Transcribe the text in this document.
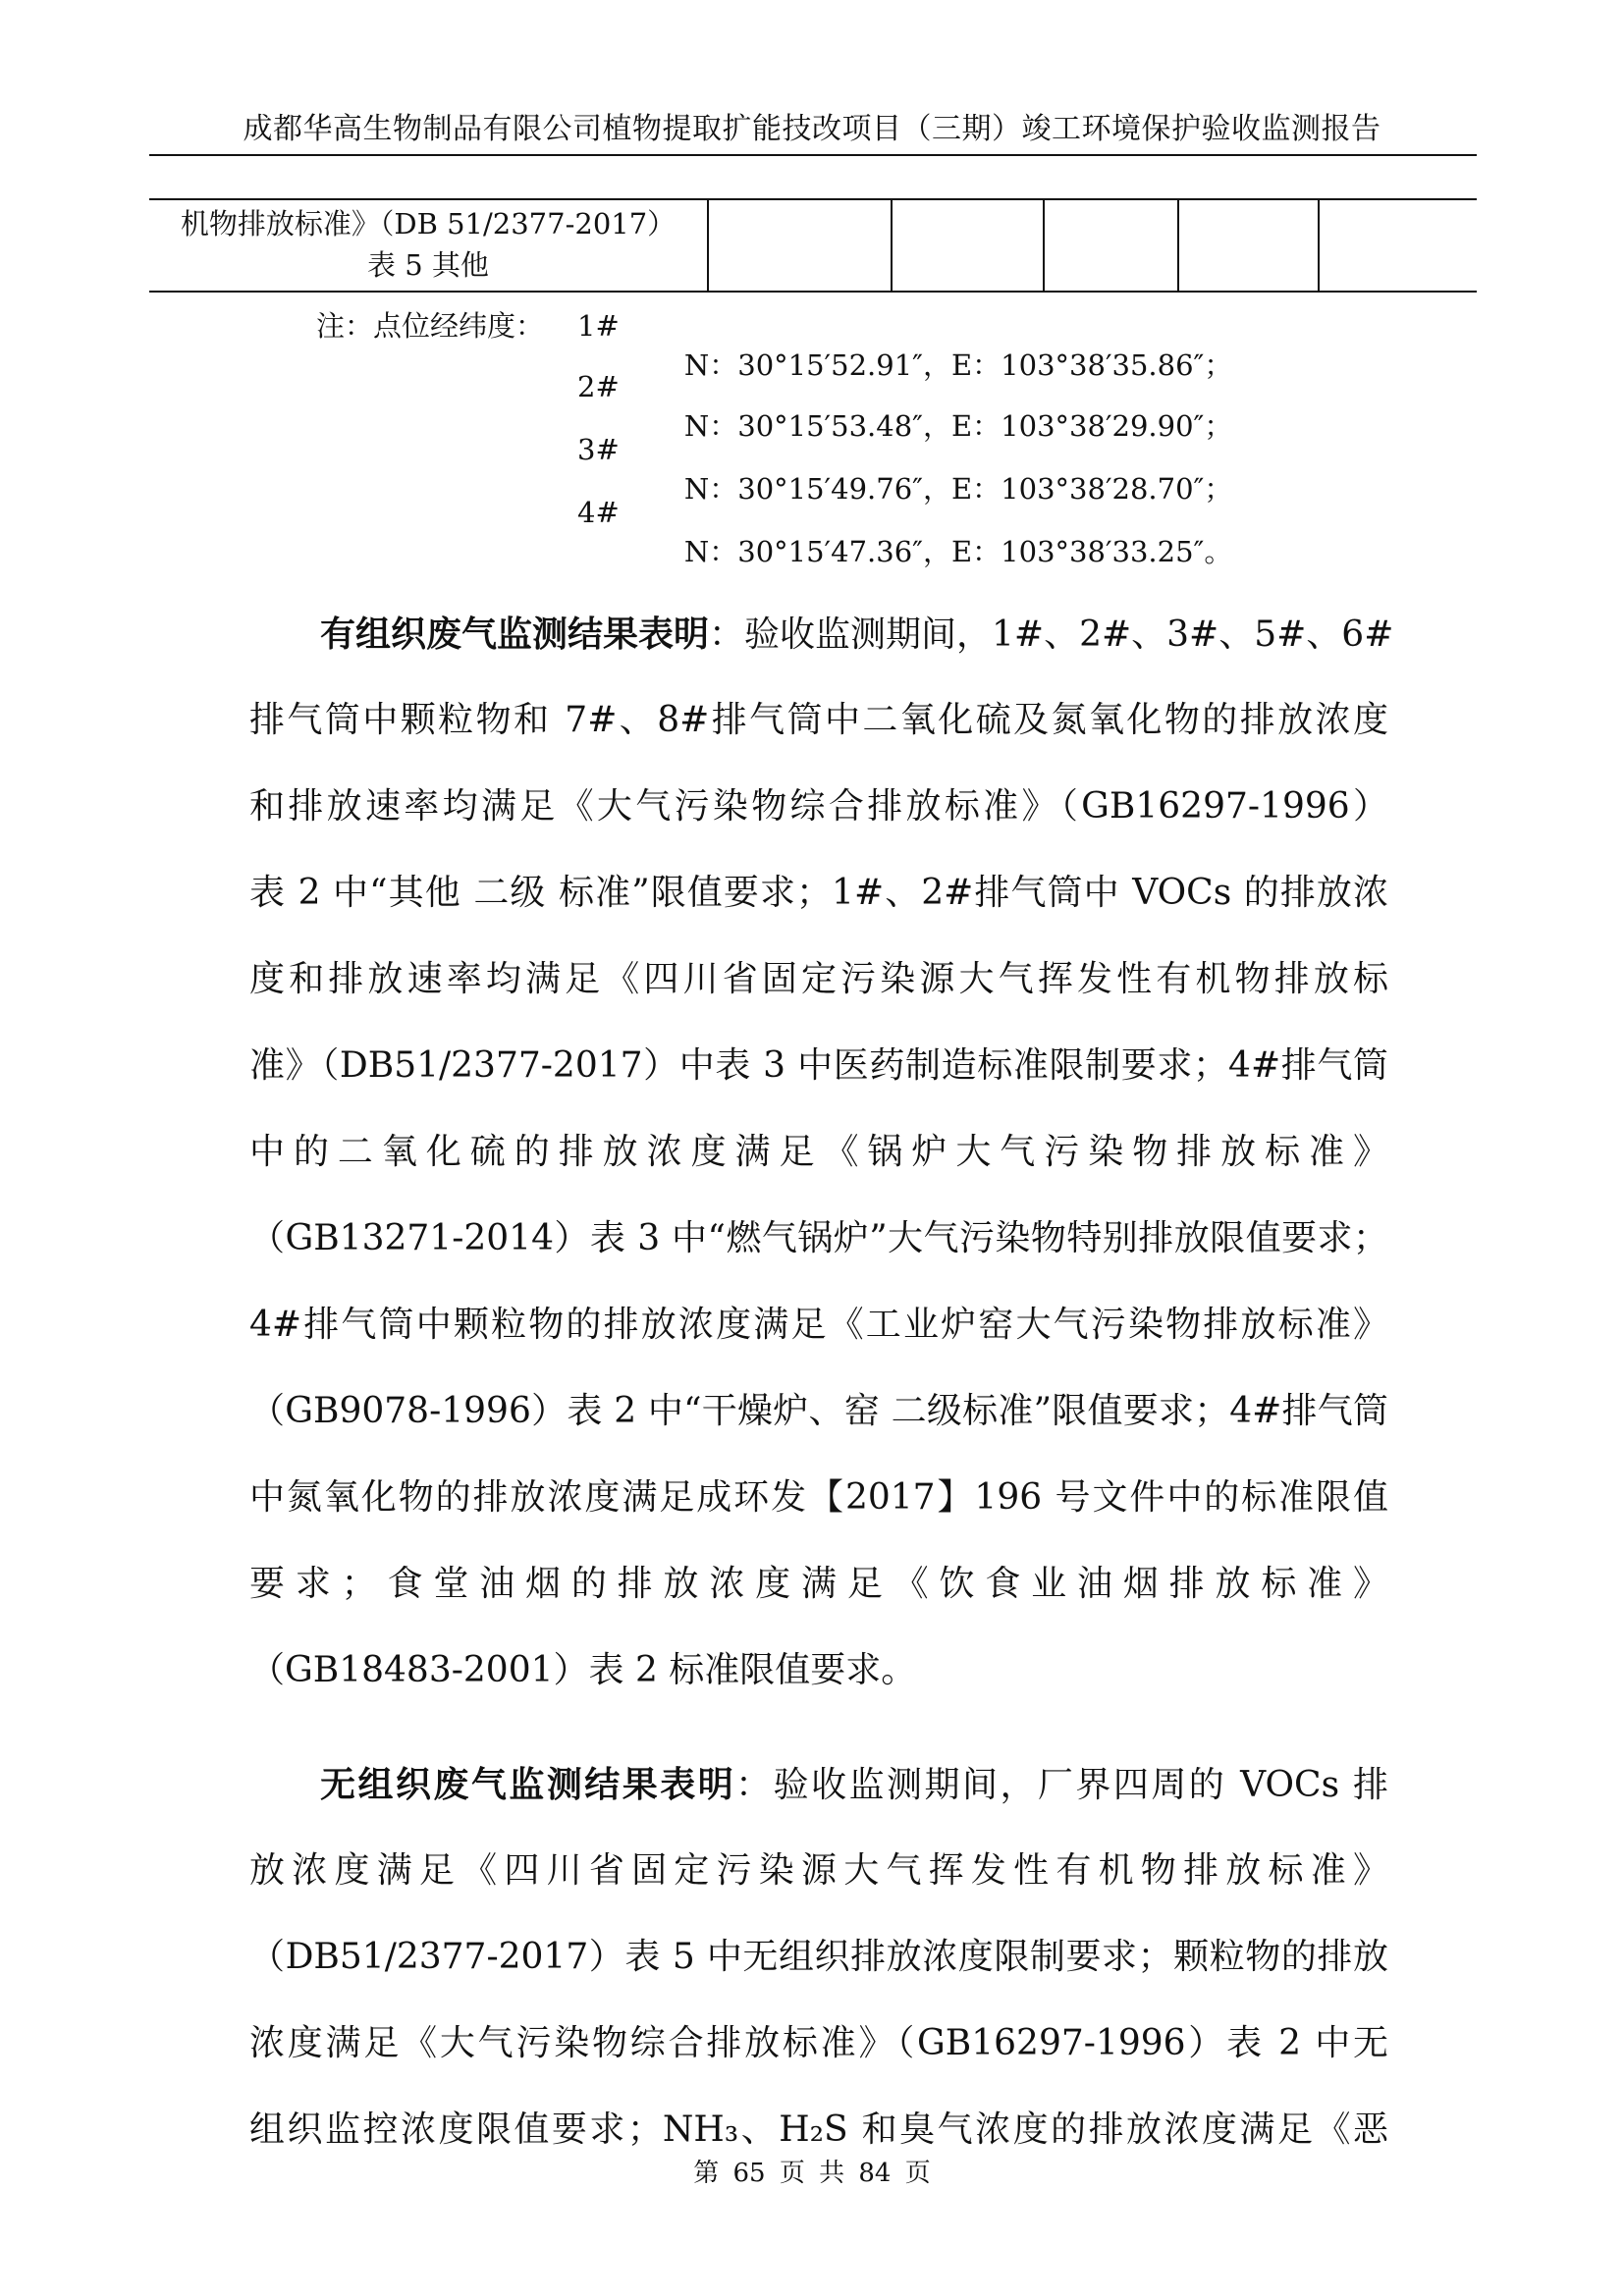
成都华高生物制品有限公司植物提取扩能技改项目（三期）竣工环境保护验收监测报告
机物排放标准》（DB 51/2377-2017）
表 5 其他
注：点位经纬度： 1#

N：30°15′52.91″，E：103°38′35.86″；

2#

N：30°15′53.48″，E：103°38′29.90″；

3#

N：30°15′49.76″，E：103°38′28.70″；

4#

N：30°15′47.36″，E：103°38′33.25″。

有组织废气监测结果表明：验收监测期间，1#、2#、3#、5#、6#
排气筒中颗粒物和 7#、8#排气筒中二氧化硫及氮氧化物的排放浓度
和排放速率均满足《大气污染物综合排放标准》（GB16297-1996）
表 2 中“其他 二级 标准”限值要求；1#、2#排气筒中 VOCs 的排放浓
度和排放速率均满足《四川省固定污染源大气挥发性有机物排放标
准》（DB51/2377-2017）中表 3 中医药制造标准限制要求；4#排气筒
中的二氧化硫的排放浓度满足《锅炉大气污染物排放标准》
（GB13271-2014）表 3 中“燃气锅炉”大气污染物特别排放限值要求；
4#排气筒中颗粒物的排放浓度满足《工业炉窑大气污染物排放标准》
（GB9078-1996）表 2 中“干燥炉、窑 二级标准”限值要求；4#排气筒
中氮氧化物的排放浓度满足成环发【2017】196 号文件中的标准限值
要求；食堂油烟的排放浓度满足《饮食业油烟排放标准》
（GB18483-2001）表 2 标准限值要求。
无组织废气监测结果表明：验收监测期间，厂界四周的 VOCs 排
放浓度满足《四川省固定污染源大气挥发性有机物排放标准》
（DB51/2377-2017）表 5 中无组织排放浓度限制要求；颗粒物的排放
浓度满足《大气污染物综合排放标准》（GB16297-1996）表 2 中无
组织监控浓度限值要求；NH₃、H₂S 和臭气浓度的排放浓度满足《恶
第 65 页 共 84 页
